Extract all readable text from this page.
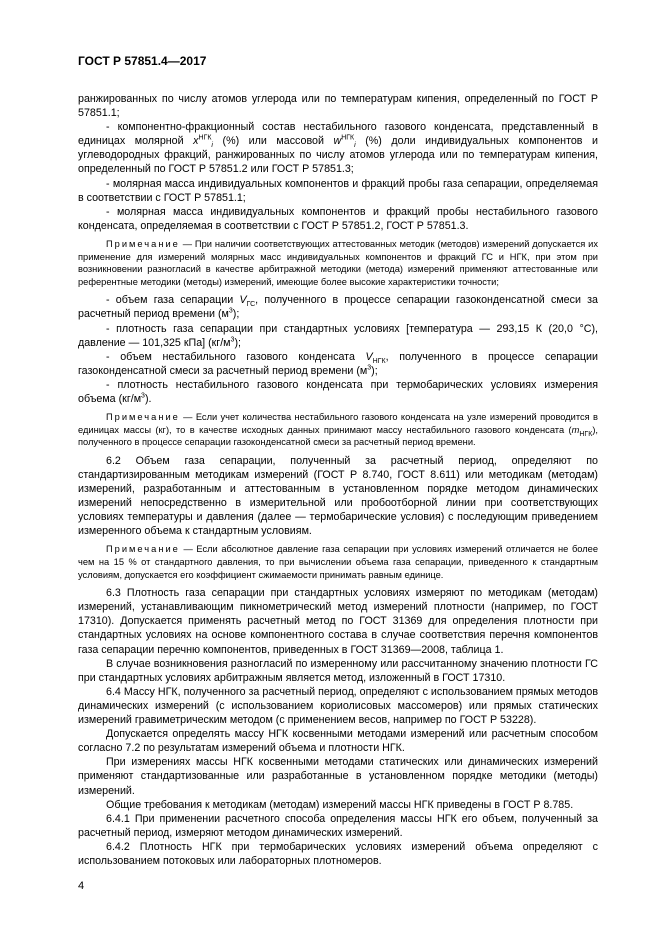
ГОСТ Р 57851.4—2017

ранжированных по числу атомов углерода или по температурам кипения, определенный по ГОСТ Р 57851.1;

- компонентно-фракционный состав нестабильного газового конденсата, представленный в единицах молярной $x^{НГК}_i$ (%) или массовой $w^{НГК}_i$ (%) доли индивидуальных компонентов и углеводородных фракций, ранжированных по числу атомов углерода или по температурам кипения, определенный по ГОСТ Р 57851.2 или ГОСТ Р 57851.3;

- молярная масса индивидуальных компонентов и фракций пробы газа сепарации, определяемая в соответствии с ГОСТ Р 57851.1;

- молярная масса индивидуальных компонентов и фракций пробы нестабильного газового конденсата, определяемая в соответствии с ГОСТ Р 57851.2, ГОСТ Р 57851.3.

Примечание — При наличии соответствующих аттестованных методик (методов) измерений допускается их применение для измерений молярных масс индивидуальных компонентов и фракций ГС и НГК, при этом при возникновении разногласий в качестве арбитражной методики (метода) измерений применяют аттестованные или референтные методики (методы) измерений, имеющие более высокие характеристики точности;

- объем газа сепарации $V_{ГС}$, полученного в процессе сепарации газоконденсатной смеси за расчетный период времени $(м^3)$;

- плотность газа сепарации при стандартных условиях [температура — 293,15 К (20,0 °С), давление — 101,325 кПа] $(кг/м^3)$;

- объем нестабильного газового конденсата $V_{НГК}$, полученного в процессе сепарации газоконденсатной смеси за расчетный период времени $(м^3)$;

- плотность нестабильного газового конденсата при термобарических условиях измерения объема $(кг/м^3)$.

Примечание — Если учет количества нестабильного газового конденсата на узле измерений проводится в единицах массы (кг), то в качестве исходных данных принимают массу нестабильного газового конденсата $(m_{НГК})$, полученного в процессе сепарации газоконденсатной смеси за расчетный период времени.

6.2 Объем газа сепарации, полученный за расчетный период, определяют по стандартизированным методикам измерений (ГОСТ Р 8.740, ГОСТ 8.611) или методикам (методам) измерений, разработанным и аттестованным в установленном порядке методом динамических измерений непосредственно в измерительной или пробоотборной линии при соответствующих условиях температуры и давления (далее — термобарические условия) с последующим приведением измеренного объема к стандартным условиям.

Примечание — Если абсолютное давление газа сепарации при условиях измерений отличается не более чем на 15 % от стандартного давления, то при вычислении объема газа сепарации, приведенного к стандартным условиям, допускается его коэффициент сжимаемости принимать равным единице.

6.3 Плотность газа сепарации при стандартных условиях измеряют по методикам (методам) измерений, устанавливающим пикнометрический метод измерений плотности (например, по ГОСТ 17310). Допускается применять расчетный метод по ГОСТ 31369 для определения плотности при стандартных условиях на основе компонентного состава в случае соответствия перечня компонентов газа сепарации перечню компонентов, приведенных в ГОСТ 31369—2008, таблица 1.

В случае возникновения разногласий по измеренному или рассчитанному значению плотности ГС при стандартных условиях арбитражным является метод, изложенный в ГОСТ 17310.

6.4 Массу НГК, полученного за расчетный период, определяют с использованием прямых методов динамических измерений (с использованием кориолисовых массомеров) или прямых статических измерений гравиметрическим методом (с применением весов, например по ГОСТ Р 53228).

Допускается определять массу НГК косвенными методами измерений или расчетным способом согласно 7.2 по результатам измерений объема и плотности НГК.

При измерениях массы НГК косвенными методами статических или динамических измерений применяют стандартизованные или разработанные в установленном порядке методики (методы) измерений.

Общие требования к методикам (методам) измерений массы НГК приведены в ГОСТ Р 8.785.

6.4.1 При применении расчетного способа определения массы НГК его объем, полученный за расчетный период, измеряют методом динамических измерений.

6.4.2 Плотность НГК при термобарических условиях измерений объема определяют с использованием потоковых или лабораторных плотномеров.

4
